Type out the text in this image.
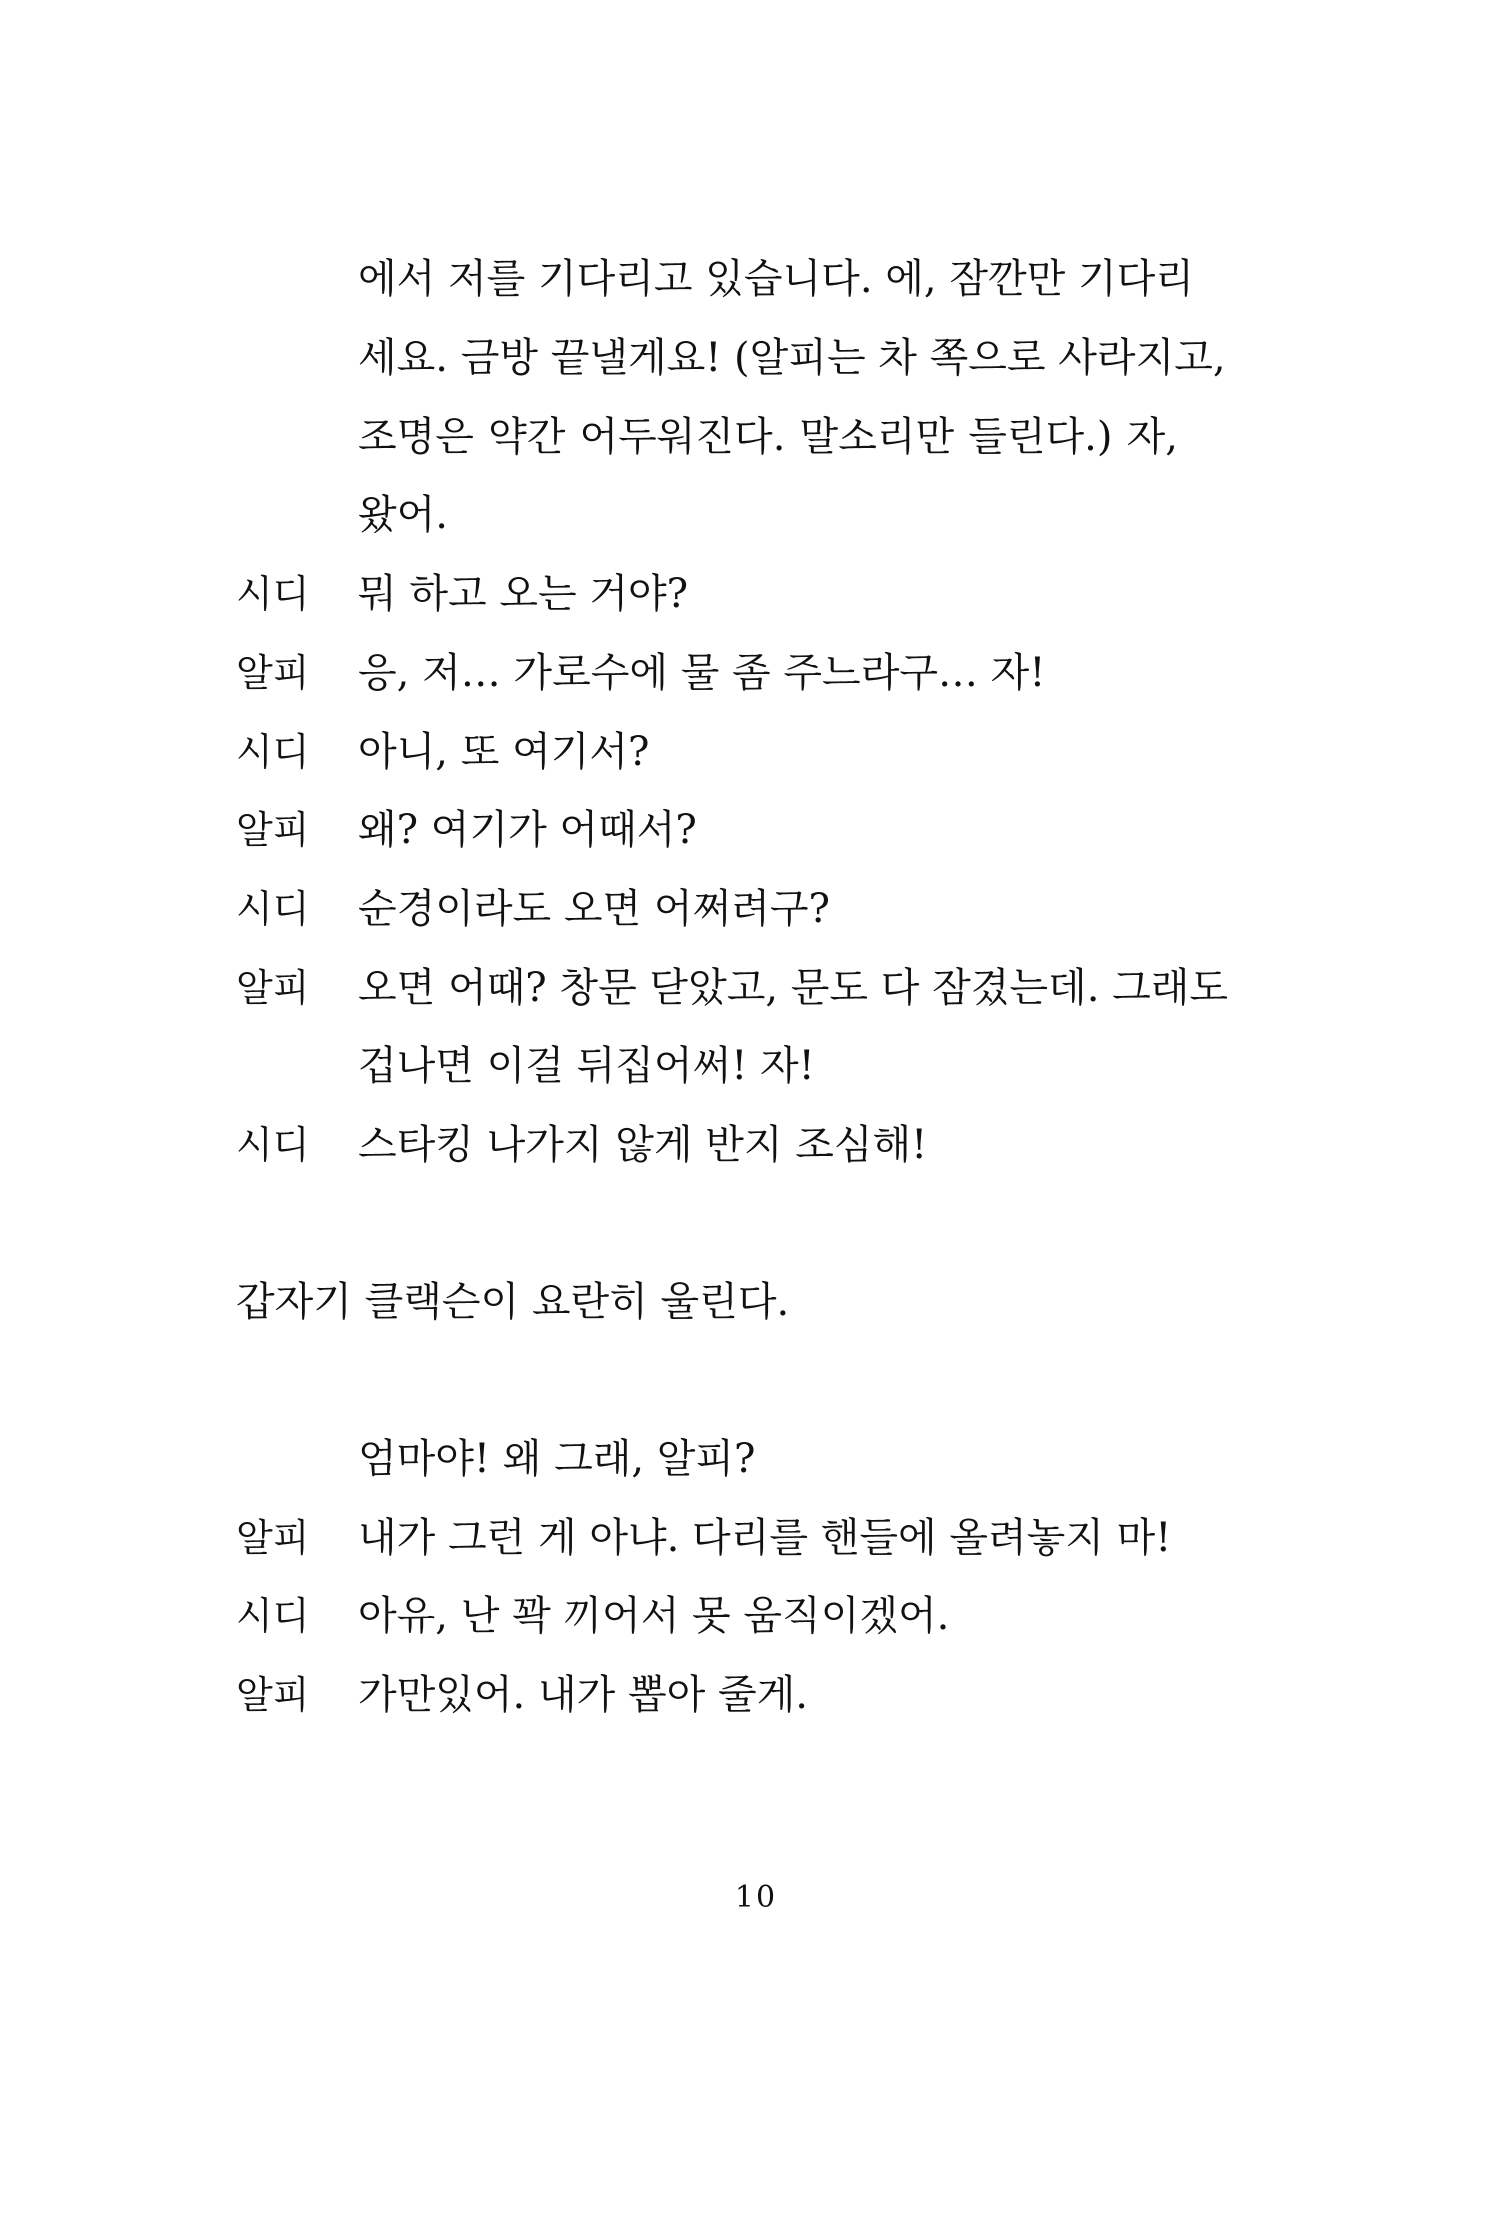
에서 저를 기다리고 있습니다. 에, 잠깐만 기다리
세요. 금방 끝낼게요! (알피는 차 쪽으로 사라지고,
조명은 약간 어두워진다. 말소리만 들린다.) 자,
왔어.
시디 뭐 하고 오는 거야?
알피 응, 저… 가로수에 물 좀 주느라구… 자!
시디 아니, 또 여기서?
알피 왜? 여기가 어때서?
시디 순경이라도 오면 어쩌려구?
알피 오면 어때? 창문 닫았고, 문도 다 잠겼는데. 그래도
겁나면 이걸 뒤집어써! 자!
시디 스타킹 나가지 않게 반지 조심해!
갑자기 클랙슨이 요란히 울린다.
엄마야! 왜 그래, 알피?
알피 내가 그런 게 아냐. 다리를 핸들에 올려놓지 마!
시디 아유, 난 꽉 끼어서 못 움직이겠어.
알피 가만있어. 내가 뽑아 줄게.
10
